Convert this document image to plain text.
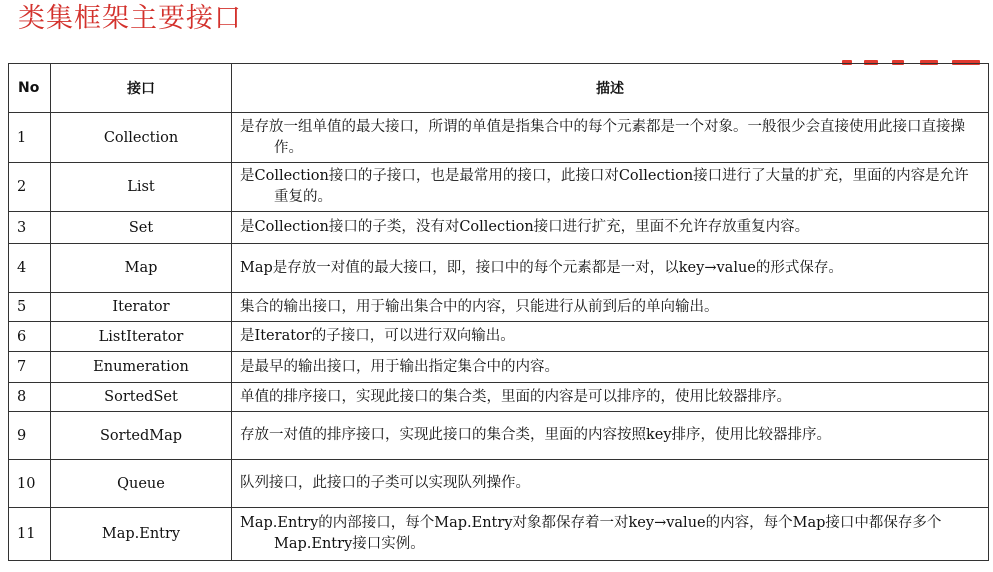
类集框架主要接口
No	接口	描述
1	Collection	是存放一组单值的最大接口，所谓的单值是指集合中的每个元素都是一个对象。一般很少会直接使用此接口直接操作。

2	List	是Collection接口的子接口，也是最常用的接口，此接口对Collection接口进行了大量的扩充，里面的内容是允许重复的。

3	Set	是Collection接口的子类，没有对Collection接口进行扩充，里面不允许存放重复内容。

4	Map	Map是存放一对值的最大接口，即，接口中的每个元素都是一对，以key→value的形式保存。

5	Iterator	集合的输出接口，用于输出集合中的内容，只能进行从前到后的单向输出。

6	ListIterator	是Iterator的子接口，可以进行双向输出。

7	Enumeration	是最早的输出接口，用于输出指定集合中的内容。

8	SortedSet	单值的排序接口，实现此接口的集合类，里面的内容是可以排序的，使用比较器排序。

9	SortedMap	存放一对值的排序接口，实现此接口的集合类，里面的内容按照key排序，使用比较器排序。

10	Queue	队列接口，此接口的子类可以实现队列操作。

11	Map.Entry	Map.Entry的内部接口，每个Map.Entry对象都保存着一对key→value的内容，每个Map接口中都保存多个Map.Entry接口实例。
